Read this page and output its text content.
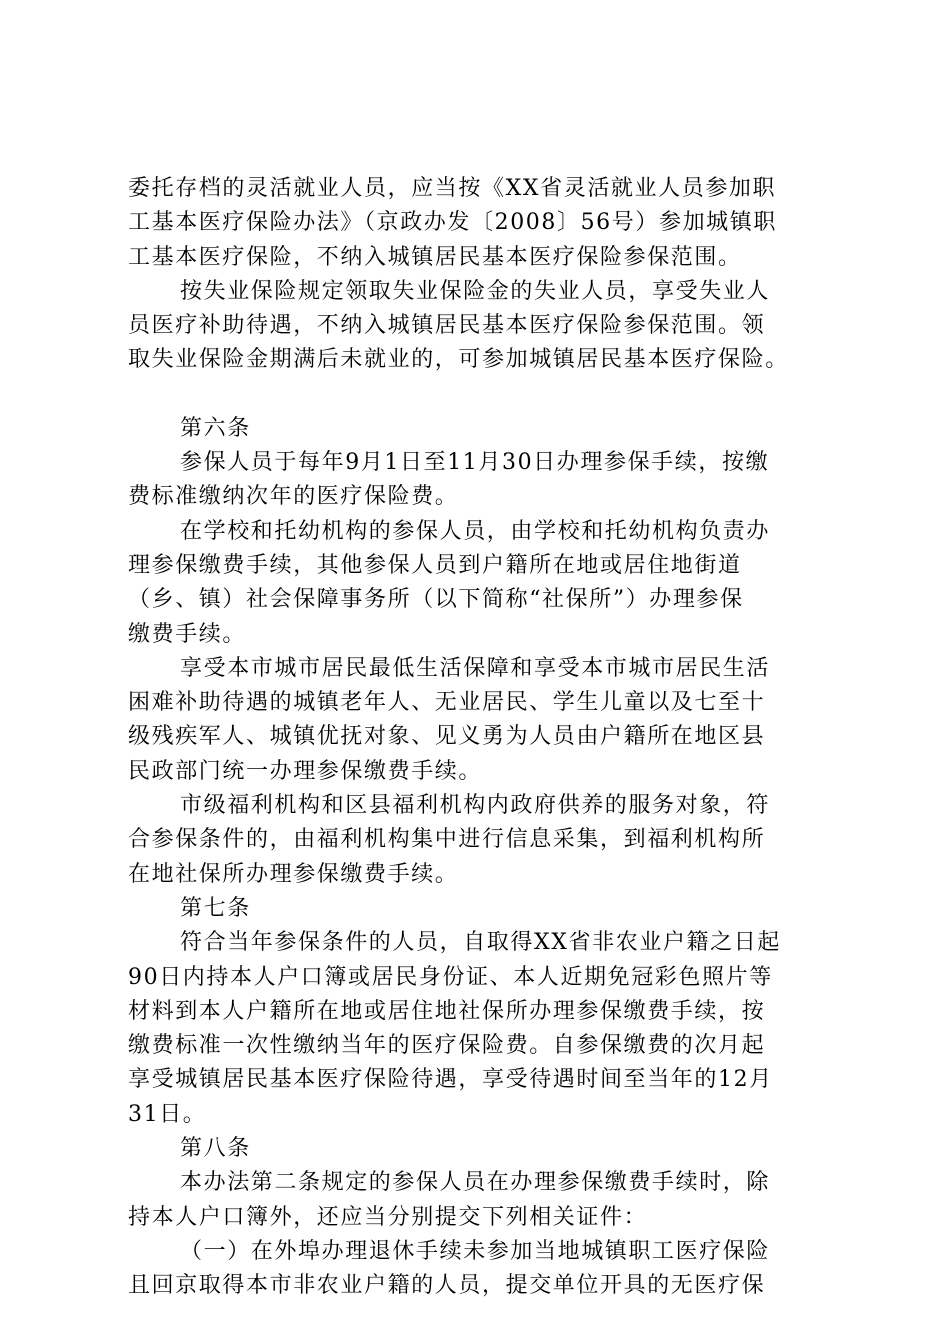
委托存档的灵活就业人员，应当按《XX省灵活就业人员参加职
工基本医疗保险办法》（京政办发〔2008〕56号）参加城镇职
工基本医疗保险，不纳入城镇居民基本医疗保险参保范围。
按失业保险规定领取失业保险金的失业人员，享受失业人
员医疗补助待遇，不纳入城镇居民基本医疗保险参保范围。领
取失业保险金期满后未就业的，可参加城镇居民基本医疗保险。
第六条
参保人员于每年9月1日至11月30日办理参保手续，按缴
费标准缴纳次年的医疗保险费。
在学校和托幼机构的参保人员，由学校和托幼机构负责办
理参保缴费手续，其他参保人员到户籍所在地或居住地街道
（乡、镇）社会保障事务所（以下简称“社保所”）办理参保
缴费手续。
享受本市城市居民最低生活保障和享受本市城市居民生活
困难补助待遇的城镇老年人、无业居民、学生儿童以及七至十
级残疾军人、城镇优抚对象、见义勇为人员由户籍所在地区县
民政部门统一办理参保缴费手续。
市级福利机构和区县福利机构内政府供养的服务对象，符
合参保条件的，由福利机构集中进行信息采集，到福利机构所
在地社保所办理参保缴费手续。
第七条
符合当年参保条件的人员，自取得XX省非农业户籍之日起
90日内持本人户口簿或居民身份证、本人近期免冠彩色照片等
材料到本人户籍所在地或居住地社保所办理参保缴费手续，按
缴费标准一次性缴纳当年的医疗保险费。自参保缴费的次月起
享受城镇居民基本医疗保险待遇，享受待遇时间至当年的12月
31日。
第八条
本办法第二条规定的参保人员在办理参保缴费手续时，除
持本人户口簿外，还应当分别提交下列相关证件：
（一）在外埠办理退休手续未参加当地城镇职工医疗保险
且回京取得本市非农业户籍的人员，提交单位开具的无医疗保
